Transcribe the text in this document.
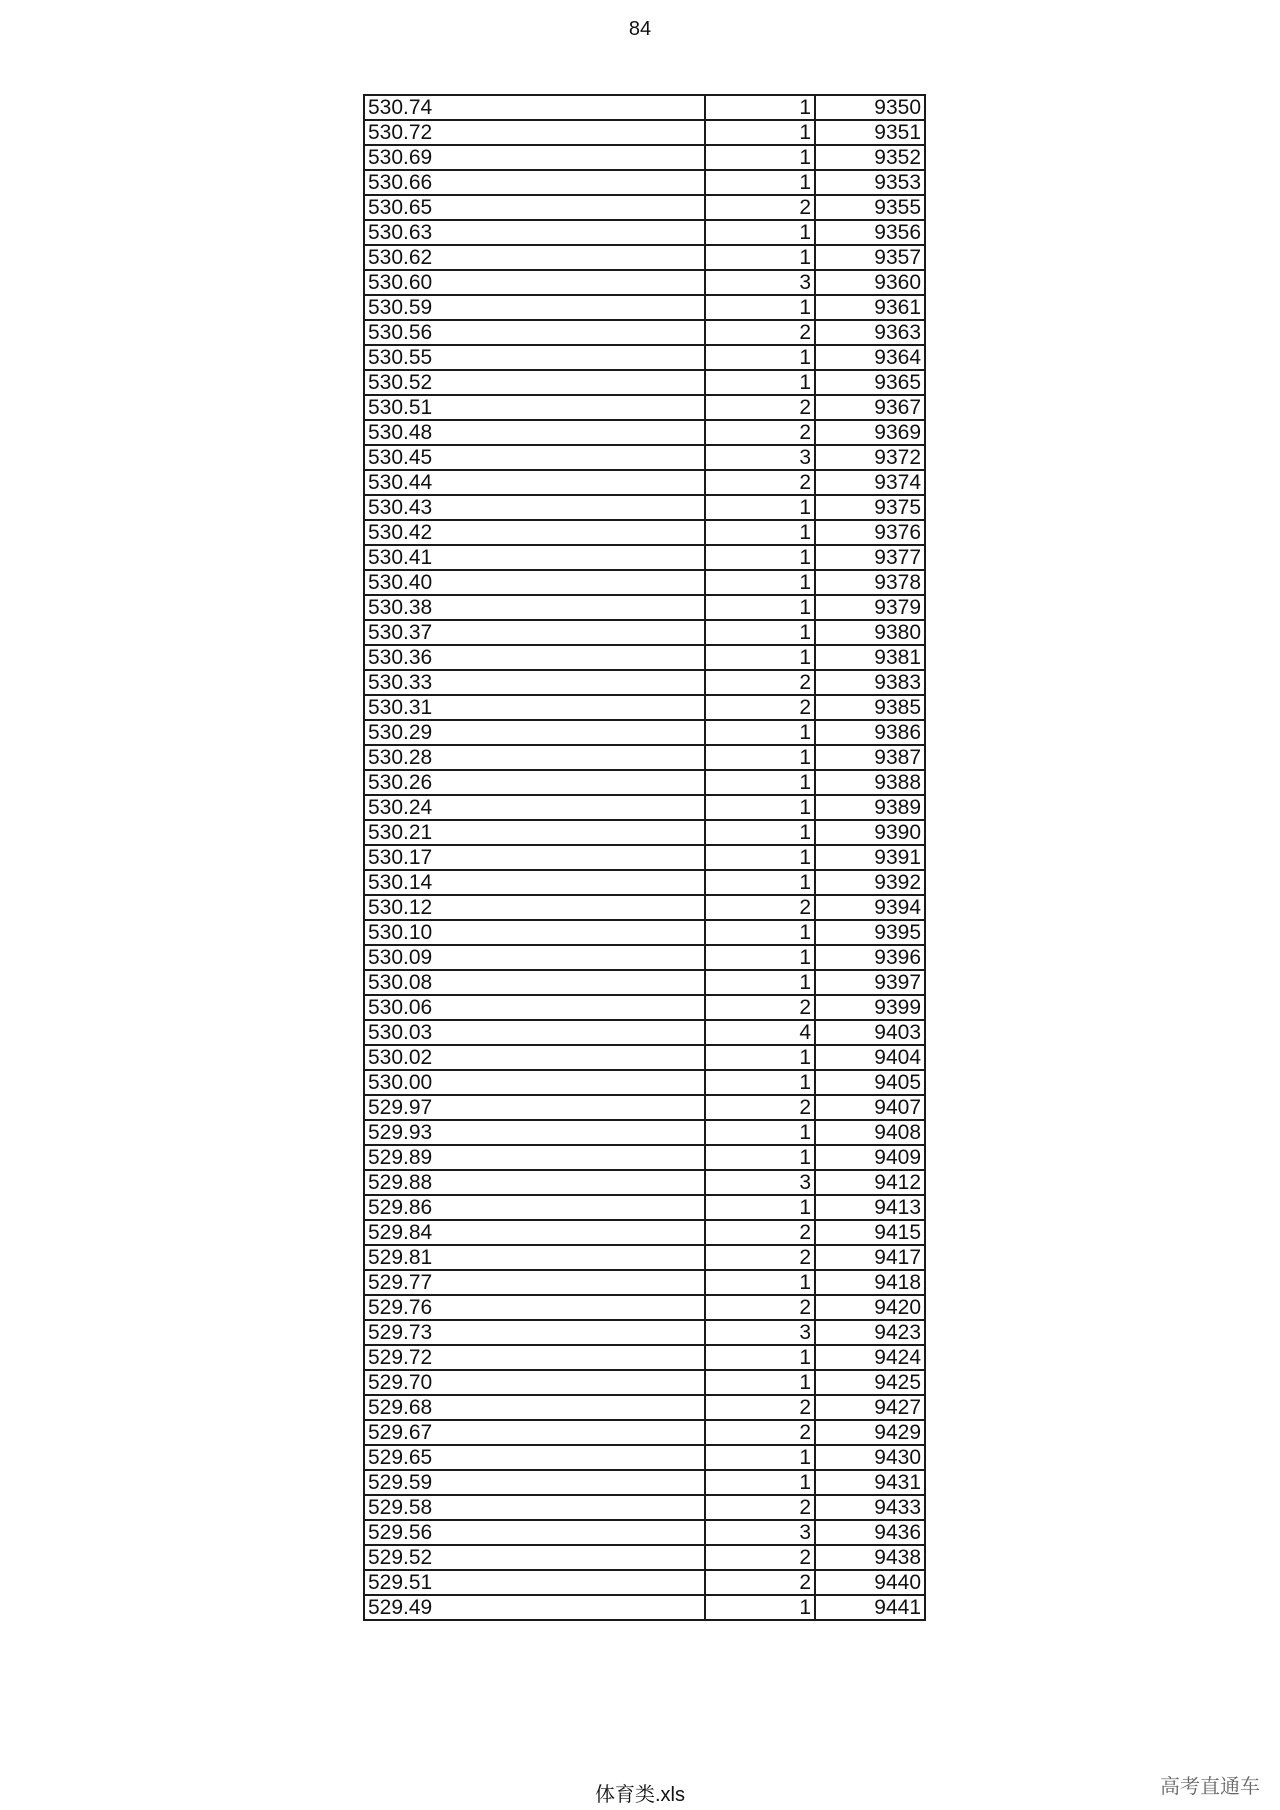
84
530.74	1	9350
530.72	1	9351
530.69	1	9352
530.66	1	9353
530.65	2	9355
530.63	1	9356
530.62	1	9357
530.60	3	9360
530.59	1	9361
530.56	2	9363
530.55	1	9364
530.52	1	9365
530.51	2	9367
530.48	2	9369
530.45	3	9372
530.44	2	9374
530.43	1	9375
530.42	1	9376
530.41	1	9377
530.40	1	9378
530.38	1	9379
530.37	1	9380
530.36	1	9381
530.33	2	9383
530.31	2	9385
530.29	1	9386
530.28	1	9387
530.26	1	9388
530.24	1	9389
530.21	1	9390
530.17	1	9391
530.14	1	9392
530.12	2	9394
530.10	1	9395
530.09	1	9396
530.08	1	9397
530.06	2	9399
530.03	4	9403
530.02	1	9404
530.00	1	9405
529.97	2	9407
529.93	1	9408
529.89	1	9409
529.88	3	9412
529.86	1	9413
529.84	2	9415
529.81	2	9417
529.77	1	9418
529.76	2	9420
529.73	3	9423
529.72	1	9424
529.70	1	9425
529.68	2	9427
529.67	2	9429
529.65	1	9430
529.59	1	9431
529.58	2	9433
529.56	3	9436
529.52	2	9438
529.51	2	9440
529.49	1	9441
体育类.xls	高考直通车
